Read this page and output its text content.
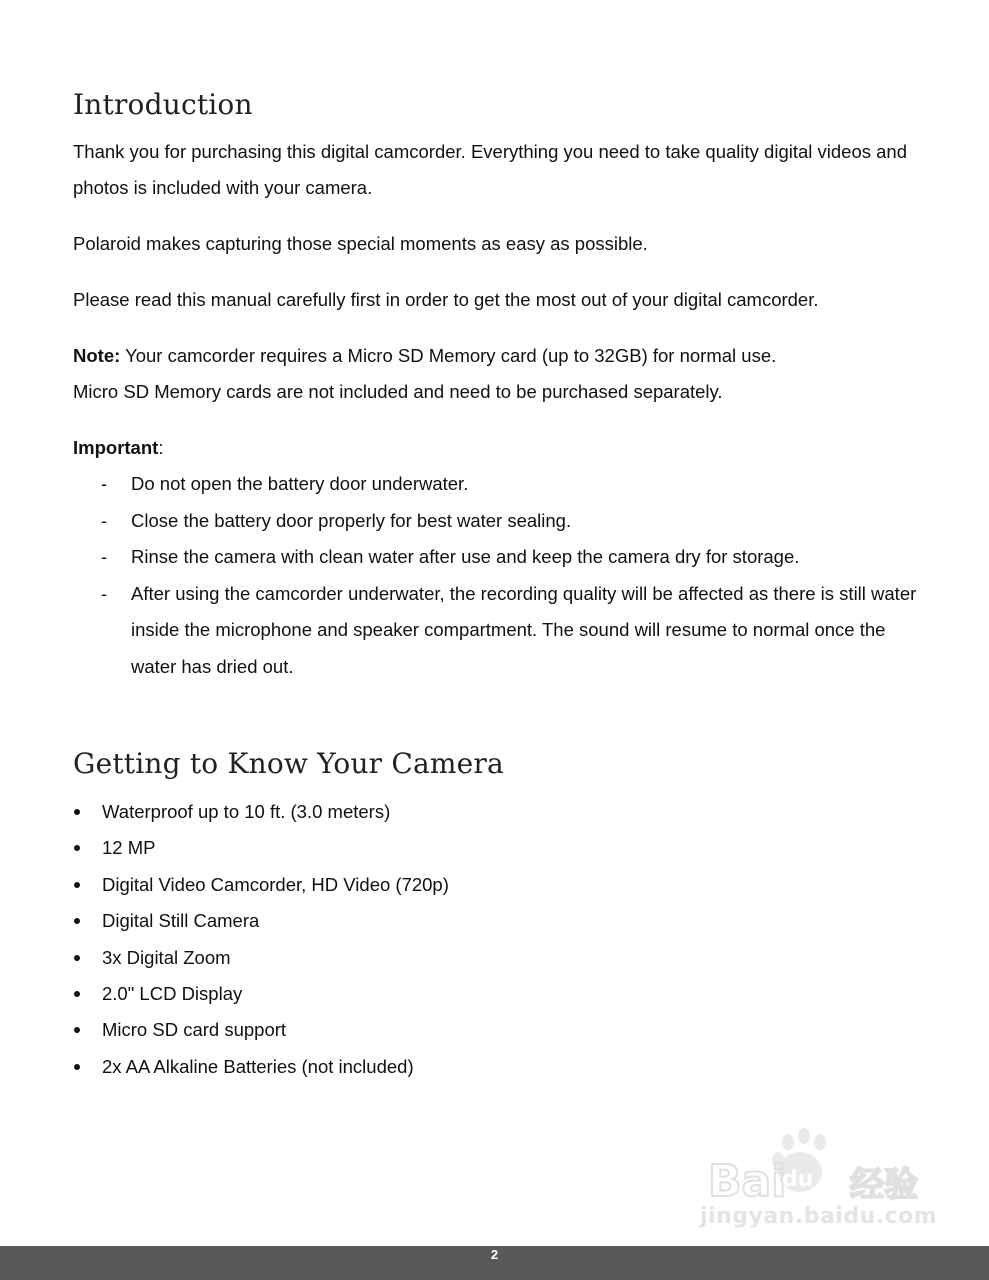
Introduction

Thank you for purchasing this digital camcorder. Everything you need to take quality digital videos and photos is included with your camera.

Polaroid makes capturing those special moments as easy as possible.

Please read this manual carefully first in order to get the most out of your digital camcorder.

Note: Your camcorder requires a Micro SD Memory card (up to 32GB) for normal use.
Micro SD Memory cards are not included and need to be purchased separately.

Important:

- Do not open the battery door underwater.
- Close the battery door properly for best water sealing.
- Rinse the camera with clean water after use and keep the camera dry for storage.
- After using the camcorder underwater, the recording quality will be affected as there is still water inside the microphone and speaker compartment. The sound will resume to normal once the water has dried out.
Getting to Know Your Camera
Waterproof up to 10 ft. (3.0 meters)
12 MP
Digital Video Camcorder, HD Video (720p)
Digital Still Camera
3x Digital Zoom
2.0" LCD Display
Micro SD card support
2x AA Alkaline Batteries (not included)
Bai 经验
du
jingyan.baidu.com
2
